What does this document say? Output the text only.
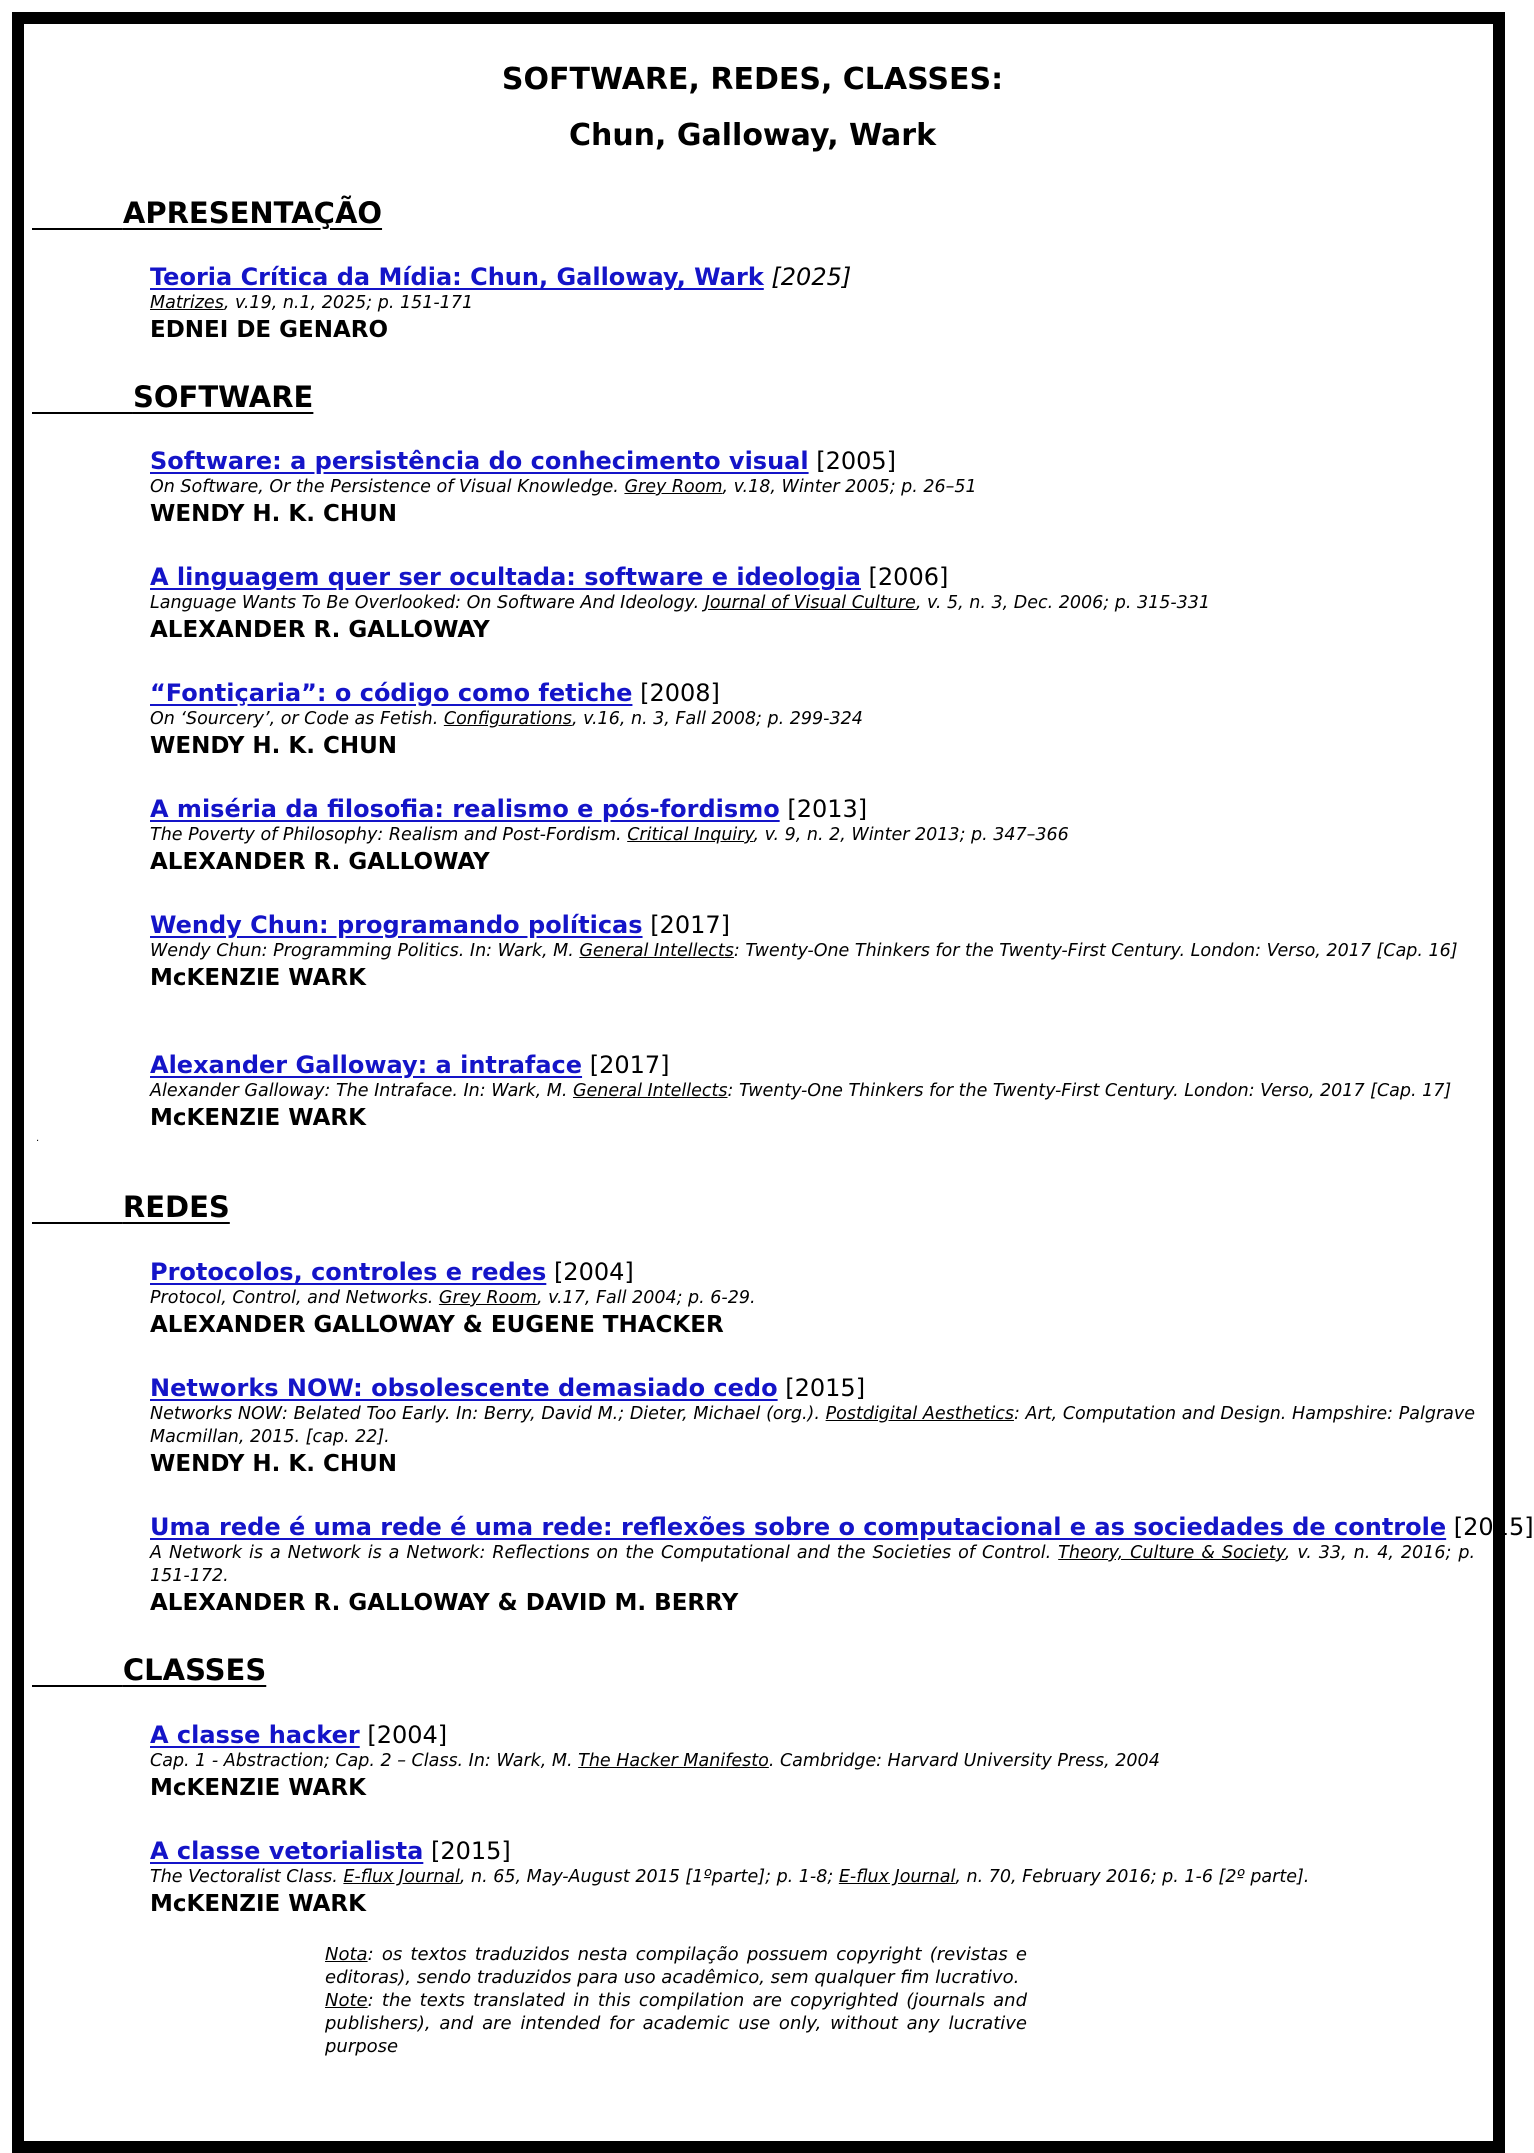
SOFTWARE, REDES, CLASSES:
Chun, Galloway, Wark
APRESENTAÇÃO
Teoria Crítica da Mídia: Chun, Galloway, Wark [2025]
Matrizes, v.19, n.1, 2025; p. 151-171
EDNEI DE GENARO
SOFTWARE
Software: a persistência do conhecimento visual [2005]
On Software, Or the Persistence of Visual Knowledge. Grey Room, v.18, Winter 2005; p. 26–51
WENDY H. K. CHUN
A linguagem quer ser ocultada: software e ideologia [2006]
Language Wants To Be Overlooked: On Software And Ideology. Journal of Visual Culture, v. 5, n. 3, Dec. 2006; p. 315-331
ALEXANDER R. GALLOWAY
“Fontiçaria”: o código como fetiche [2008]
On ‘Sourcery’, or Code as Fetish. Configurations, v.16, n. 3, Fall 2008; p. 299-324
WENDY H. K. CHUN
A miséria da filosofia: realismo e pós-fordismo [2013]
The Poverty of Philosophy: Realism and Post-Fordism. Critical Inquiry, v. 9, n. 2, Winter 2013; p. 347–366
ALEXANDER R. GALLOWAY
Wendy Chun: programando políticas [2017]
Wendy Chun: Programming Politics. In: Wark, M. General Intellects: Twenty-One Thinkers for the Twenty-First Century. London: Verso, 2017 [Cap. 16]
McKENZIE WARK
Alexander Galloway: a intraface [2017]
Alexander Galloway: The Intraface. In: Wark, M. General Intellects: Twenty-One Thinkers for the Twenty-First Century. London: Verso, 2017 [Cap. 17]
McKENZIE WARK
·
REDES
Protocolos, controles e redes [2004]
Protocol, Control, and Networks. Grey Room, v.17, Fall 2004; p. 6-29.
ALEXANDER GALLOWAY & EUGENE THACKER
Networks NOW: obsolescente demasiado cedo [2015]
Networks NOW: Belated Too Early. In: Berry, David M.; Dieter, Michael (org.). Postdigital Aesthetics: Art, Computation and Design. Hampshire: Palgrave Macmillan, 2015. [cap. 22].
WENDY H. K. CHUN
Uma rede é uma rede é uma rede: reflexões sobre o computacional e as sociedades de controle [2015]
A Network is a Network is a Network: Reflections on the Computational and the Societies of Control. Theory, Culture & Society, v. 33, n. 4, 2016; p. 151-172.
ALEXANDER R. GALLOWAY & DAVID M. BERRY
CLASSES
A classe hacker [2004]
Cap. 1 - Abstraction; Cap. 2 – Class. In: Wark, M. The Hacker Manifesto. Cambridge: Harvard University Press, 2004
McKENZIE WARK
A classe vetorialista [2015]
The Vectoralist Class. E-flux Journal, n. 65, May-August 2015 [1ºparte]; p. 1-8; E-flux Journal, n. 70, February 2016; p. 1-6 [2º parte].
McKENZIE WARK
Nota: os textos traduzidos nesta compilação possuem copyright (revistas e editoras), sendo traduzidos para uso acadêmico, sem qualquer fim lucrativo.
Note: the texts translated in this compilation are copyrighted (journals and publishers), and are intended for academic use only, without any lucrative purpose
